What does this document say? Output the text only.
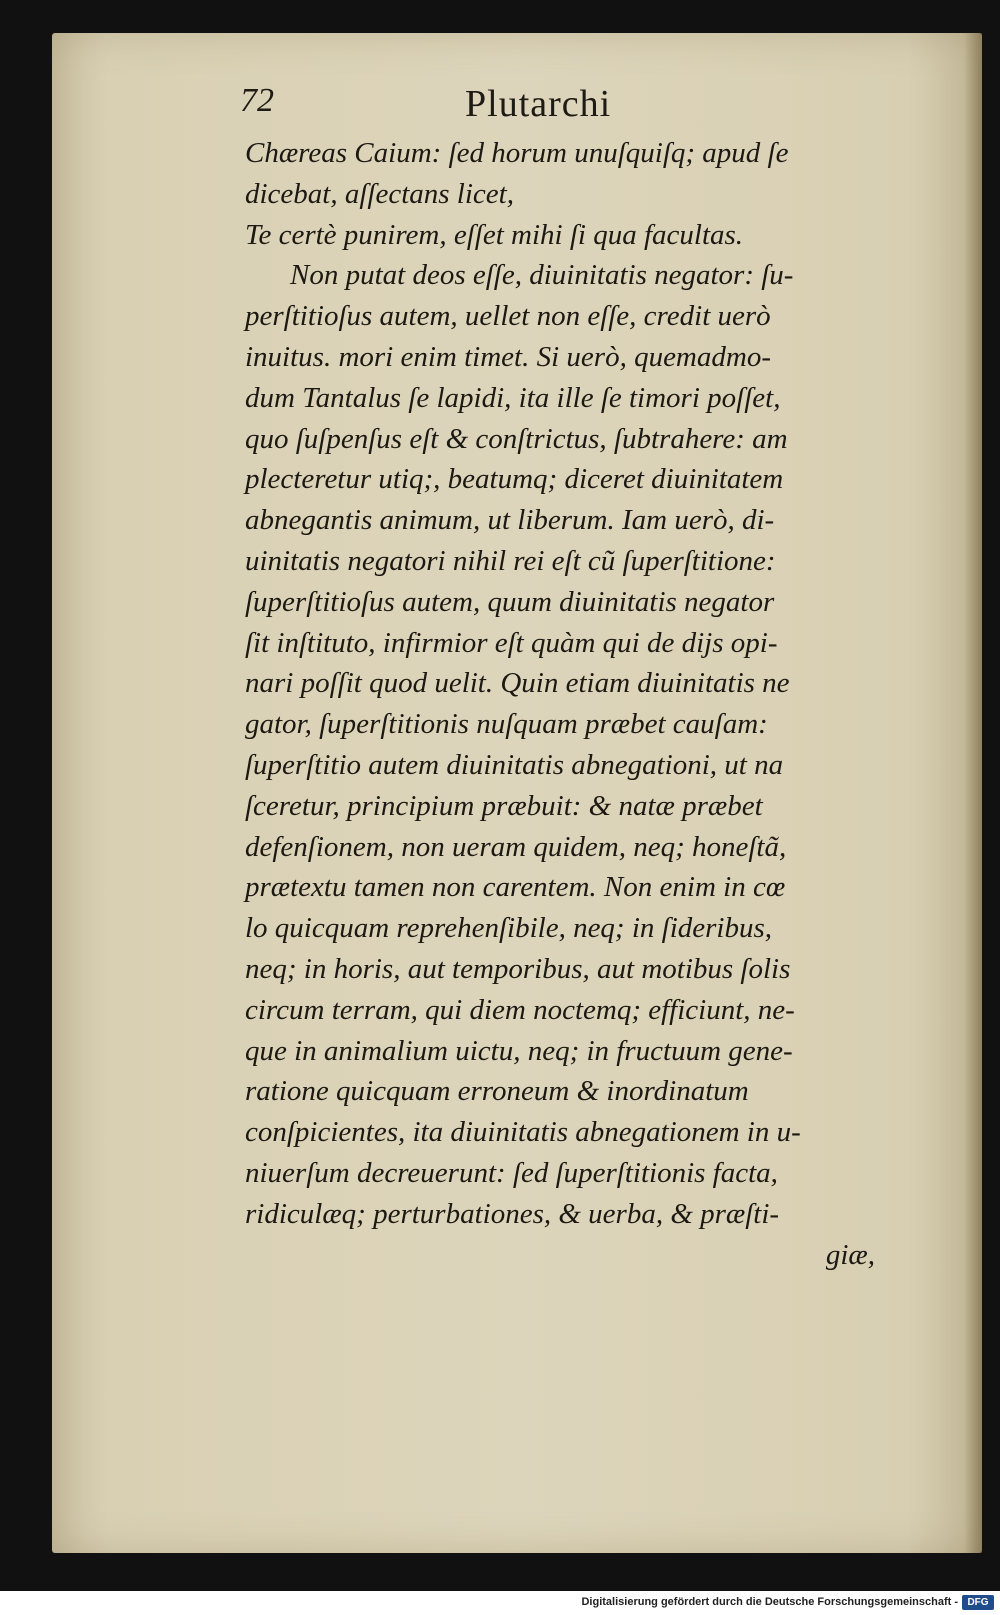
72	Plutarchi
Chæreas Caium: ſed horum unuſquiſq; apud ſe
dicebat, aſſectans licet,
Te certè punirem, eſſet mihi ſi qua facultas.
Non putat deos eſſe, diuinitatis negator: ſu-
perſtitioſus autem, uellet non eſſe, credit uerò
inuitus. mori enim timet. Si uerò, quemadmo-
dum Tantalus ſe lapidi, ita ille ſe timori poſſet,
quo ſuſpenſus eſt & conſtrictus, ſubtrahere: am
plecteretur utiq;, beatumq; diceret diuinitatem
abnegantis animum, ut liberum. Iam uerò, di-
uinitatis negatori nihil rei eſt cũ ſuperſtitione:
ſuperſtitioſus autem, quum diuinitatis negator
ſit inſtituto, infirmior eſt quàm qui de dijs opi-
nari poſſit quod uelit. Quin etiam diuinitatis ne
gator, ſuperſtitionis nuſquam præbet cauſam:
ſuperſtitio autem diuinitatis abnegationi, ut na
ſceretur, principium præbuit: & natæ præbet
defenſionem, non ueram quidem, neq; honeſtã,
prætextu tamen non carentem. Non enim in cœ
lo quicquam reprehenſibile, neq; in ſideribus,
neq; in horis, aut temporibus, aut motibus ſolis
circum terram, qui diem noctemq; efficiunt, ne-
que in animalium uictu, neq; in fructuum gene-
ratione quicquam erroneum & inordinatum
conſpicientes, ita diuinitatis abnegationem in u-
niuerſum decreuerunt: ſed ſuperſtitionis facta,
ridiculæq; perturbationes, & uerba, & præſti-
giæ,
Digitalisierung gefördert durch die Deutsche Forschungsgemeinschaft - DFG
